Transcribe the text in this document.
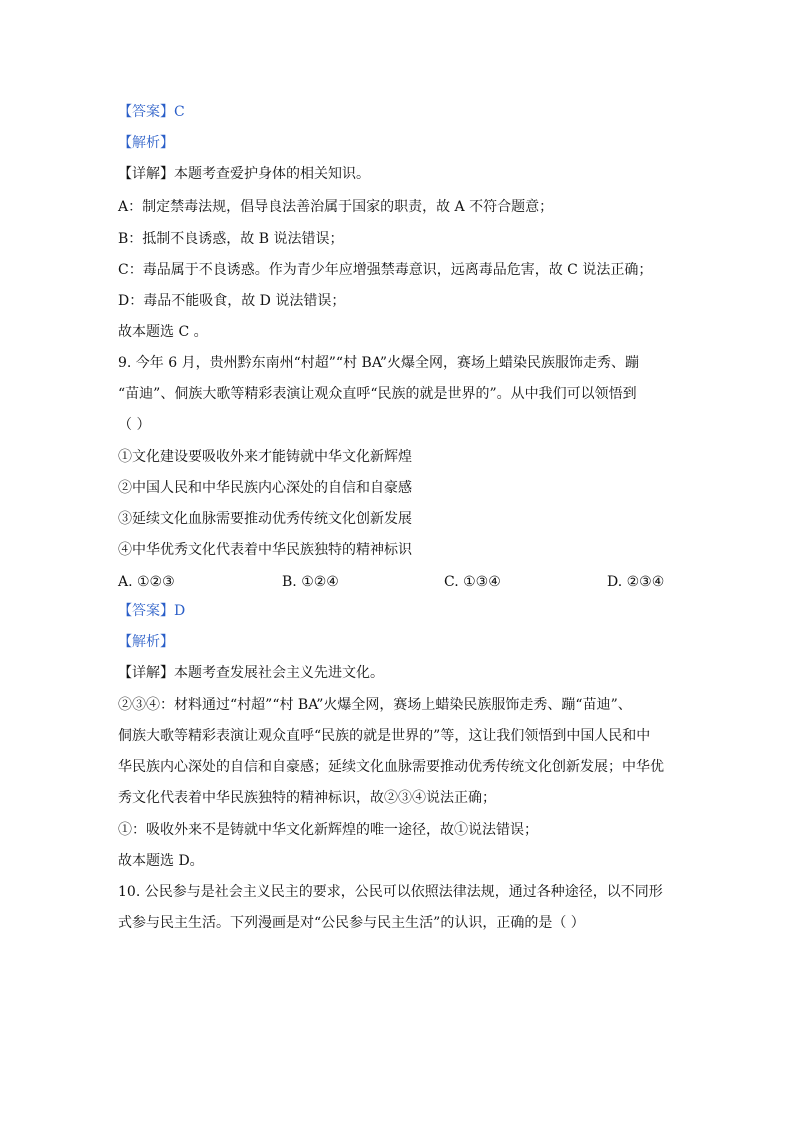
【答案】C
【解析】
【详解】本题考查爱护身体的相关知识。
A：制定禁毒法规，倡导良法善治属于国家的职责，故 A 不符合题意；
B：抵制不良诱惑，故 B 说法错误；
C：毒品属于不良诱惑。作为青少年应增强禁毒意识，远离毒品危害，故 C 说法正确；
D：毒品不能吸食，故 D 说法错误；
故本题选 C 。
9. 今年 6 月，贵州黔东南州“村超”“村 BA”火爆全网，赛场上蜡染民族服饰走秀、蹦
“苗迪”、侗族大歌等精彩表演让观众直呼“民族的就是世界的”。从中我们可以领悟到
（ ）
①文化建设要吸收外来才能铸就中华文化新辉煌
②中国人民和中华民族内心深处的自信和自豪感
③延续文化血脉需要推动优秀传统文化创新发展
④中华优秀文化代表着中华民族独特的精神标识
A. ①②③	B. ①②④	C. ①③④	D. ②③④
【答案】D
【解析】
【详解】本题考查发展社会主义先进文化。
②③④：材料通过“村超”“村 BA”火爆全网，赛场上蜡染民族服饰走秀、蹦“苗迪”、
侗族大歌等精彩表演让观众直呼“民族的就是世界的”等，这让我们领悟到中国人民和中
华民族内心深处的自信和自豪感；延续文化血脉需要推动优秀传统文化创新发展；中华优
秀文化代表着中华民族独特的精神标识，故②③④说法正确；
①：吸收外来不是铸就中华文化新辉煌的唯一途径，故①说法错误；
故本题选 D。
10. 公民参与是社会主义民主的要求，公民可以依照法律法规，通过各种途径，以不同形
式参与民主生活。下列漫画是对“公民参与民主生活”的认识，正确的是（ ）
